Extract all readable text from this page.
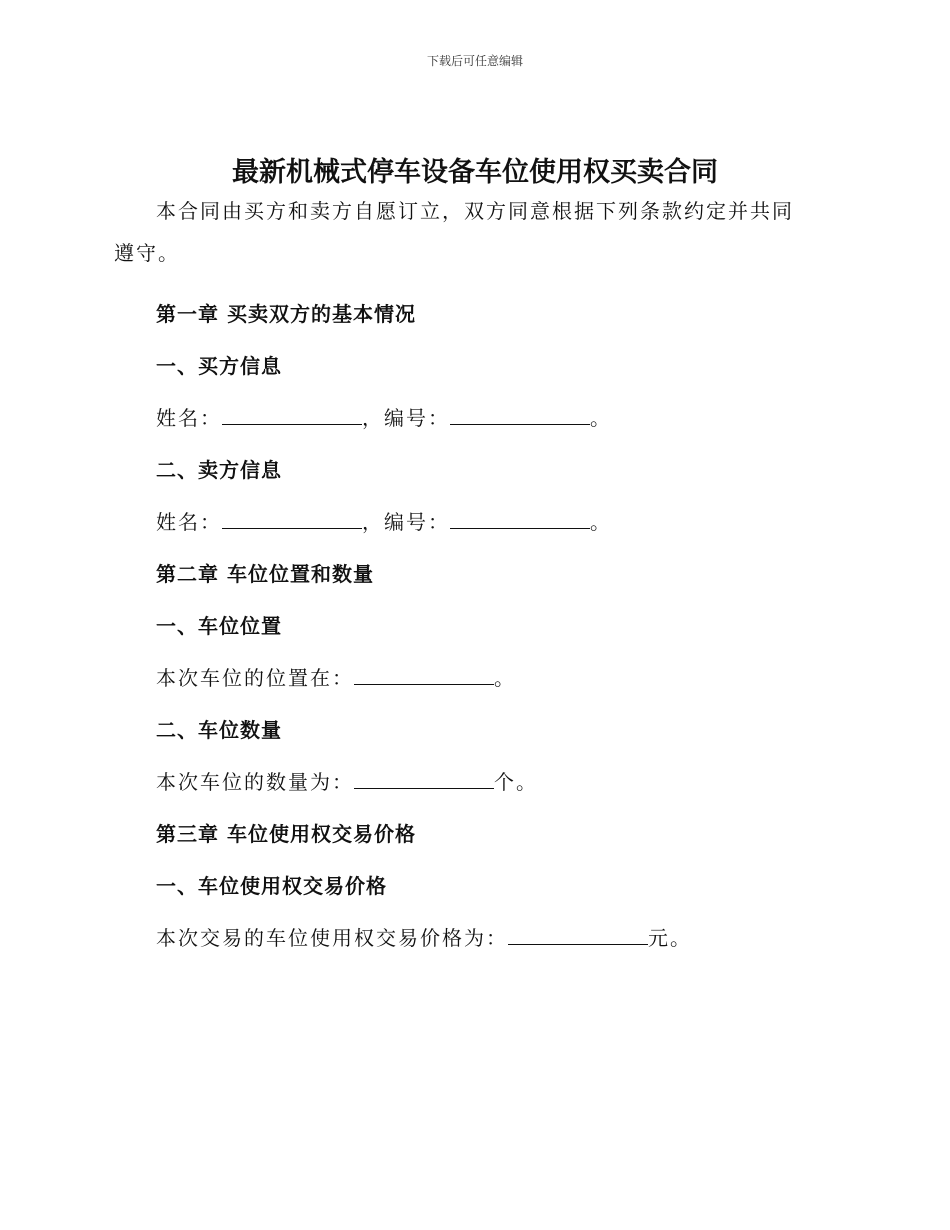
下载后可任意编辑
最新机械式停车设备车位使用权买卖合同

本合同由买方和卖方自愿订立，双方同意根据下列条款约定并共同遵守。

第一章 买卖双方的基本情况
一、买方信息
姓名：	，编号：	。
二、卖方信息
姓名：	，编号：	。
第二章 车位位置和数量
一、车位位置
本次车位的位置在：	。
二、车位数量
本次车位的数量为：	个。
第三章 车位使用权交易价格
一、车位使用权交易价格
本次交易的车位使用权交易价格为：	元。
